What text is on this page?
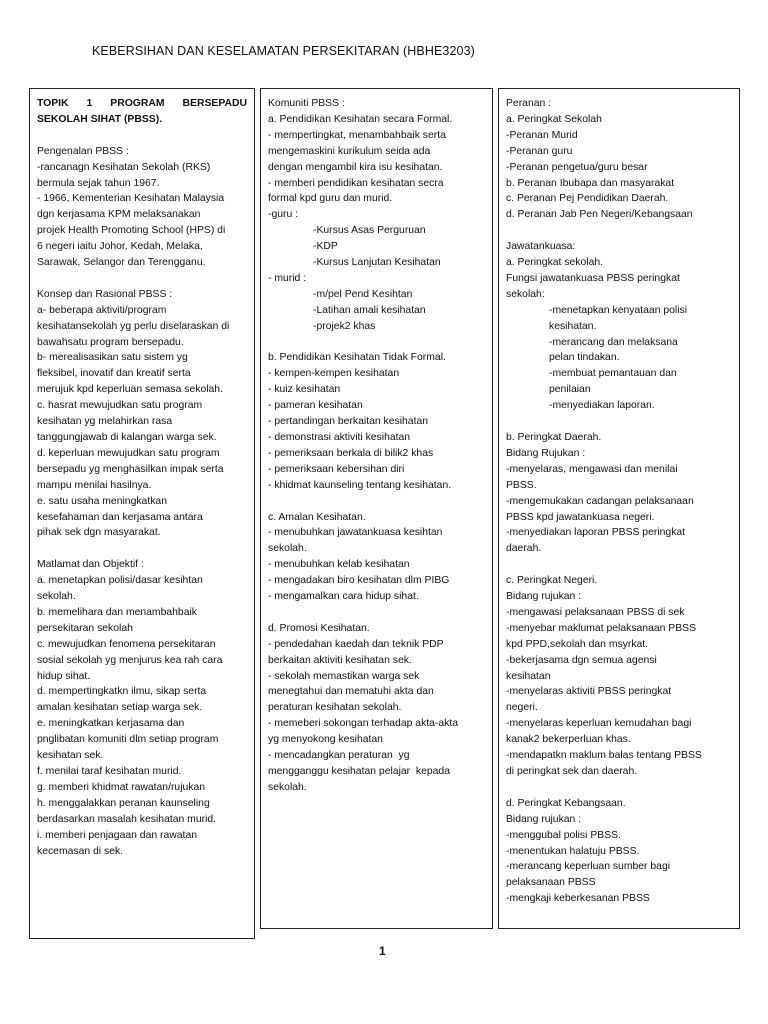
KEBERSIHAN DAN KESELAMATAN PERSEKITARAN (HBHE3203)
TOPIK 1 PROGRAM BERSEPADU
SEKOLAH SIHAT (PBSS).
Pengenalan PBSS :
-rancanagn Kesihatan Sekolah (RKS)
bermula sejak tahun 1967.
- 1966, Kementerian Kesihatan Malaysia
dgn kerjasama KPM melaksanakan
projek Health Promoting School (HPS) di
6 negeri iaitu Johor, Kedah, Melaka,
Sarawak, Selangor dan Terengganu.
Konsep dan Rasional PBSS :
a- beberapa aktiviti/program
kesihatansekolah yg perlu diselaraskan di
bawahsatu program bersepadu.
b- merealisasikan satu sistem yg
fleksibel, inovatif dan kreatif serta
merujuk kpd keperluan semasa sekolah.
c. hasrat mewujudkan satu program
kesihatan yg melahirkan rasa
tanggungjawab di kalangan warga sek.
d. keperluan mewujudkan satu program
bersepadu yg menghasilkan impak serta
mampu menilai hasilnya.
e. satu usaha meningkatkan
kesefahaman dan kerjasama antara
pihak sek dgn masyarakat.
Matlamat dan Objektif :
a. menetapkan polisi/dasar kesihtan
sekolah.
b. memelihara dan menambahbaik
persekitaran sekolah
c. mewujudkan fenomena persekitaran
sosial sekolah yg menjurus kea rah cara
hidup sihat.
d. mempertingkatkn ilmu, sikap serta
amalan kesihatan setiap warga sek.
e. meningkatkan kerjasama dan
pnglibatan komuniti dlm setiap program
kesihatan sek.
f. menilai taraf kesihatan murid.
g. memberi khidmat rawatan/rujukan
h. menggalakkan peranan kaunseling
berdasarkan masalah kesihatan murid.
i. memberi penjagaan dan rawatan
kecemasan di sek.
Komuniti PBSS :
a. Pendidikan Kesihatan secara Formal.
- mempertingkat, menambahbaik serta
mengemaskini kurikulum seida ada
dengan mengambil kira isu kesihatan.
- memberi pendidikan kesihatan secra
formal kpd guru dan murid.
-guru :
-Kursus Asas Perguruan
-KDP
-Kursus Lanjutan Kesihatan
- murid :
-m/pel Pend Kesihtan
-Latihan amali kesihatan
-projek2 khas
b. Pendidikan Kesihatan Tidak Formal.
- kempen-kempen kesihatan
- kuiz kesihatan
- pameran kesihatan
- pertandingan berkaitan kesihatan
- demonstrasi aktiviti kesihatan
- pemeriksaan berkala di bilik2 khas
- pemeriksaan kebersihan diri
- khidmat kaunseling tentang kesihatan.
c. Amalan Kesihatan.
- menubuhkan jawatankuasa kesihtan
sekolah.
- menubuhkan kelab kesihatan
- mengadakan biro kesihatan dlm PIBG
- mengamalkan cara hidup sihat.
d. Promosi Kesihatan.
- pendedahan kaedah dan teknik PDP
berkaitan aktiviti kesihatan sek.
- sekolah memastikan warga sek
menegtahui dan mematuhi akta dan
peraturan kesihatan sekolah.
- memeberi sokongan terhadap akta-akta
yg menyokong kesihatan
- mencadangkan peraturan  yg
mengganggu kesihatan pelajar  kepada
sekolah.
Peranan :
a. Peringkat Sekolah
-Peranan Murid
-Peranan guru
-Peranan pengetua/guru besar
b. Peranan Ibubapa dan masyarakat
c. Peranan Pej Pendidikan Daerah.
d. Peranan Jab Pen Negeri/Kebangsaan
Jawatankuasa:
a. Peringkat sekolah.
Fungsi jawatankuasa PBSS peringkat
sekolah:
-menetapkan kenyataan polisi
kesihatan.
-merancang dan melaksana
pelan tindakan.
-membuat pemantauan dan
penilaian
-menyediakan laporan.
b. Peringkat Daerah.
Bidang Rujukan :
-menyelaras, mengawasi dan menilai
PBSS.
-mengemukakan cadangan pelaksanaan
PBSS kpd jawatankuasa negeri.
-menyediakan laporan PBSS peringkat
daerah.
c. Peringkat Negeri.
Bidang rujukan :
-mengawasi pelaksanaan PBSS di sek
-menyebar maklumat pelaksanaan PBSS
kpd PPD,sekolah dan msyrkat.
-bekerjasama dgn semua agensi
kesihatan
-menyelaras aktiviti PBSS peringkat
negeri.
-menyelaras keperluan kemudahan bagi
kanak2 bekerperluan khas.
-mendapatkn maklum balas tentang PBSS
di peringkat sek dan daerah.
d. Peringkat Kebangsaan.
Bidang rujukan :
-menggubal polisi PBSS.
-menentukan halatuju PBSS.
-merancang keperluan sumber bagi
pelaksanaan PBSS
-mengkaji keberkesanan PBSS
1
